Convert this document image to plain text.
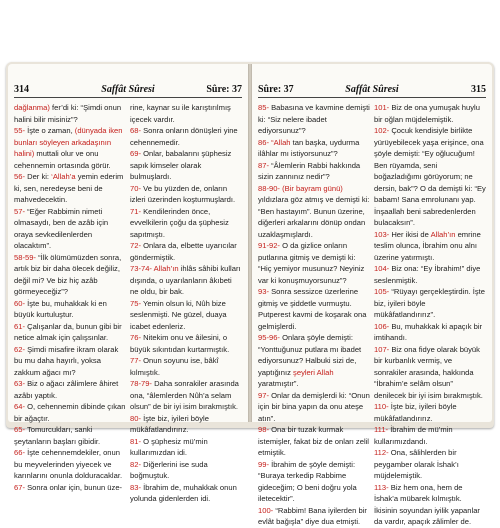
314	Saffât Sûresi	Sûre: 37

dağlanma) fer’di ki: “Şimdi onun halini bilir misiniz”?

55- İşte o zaman, (dünyada iken bunları söyleyen arkadaşının halini) muttali olur ve onu cehennemin ortasında görür.

56- Der ki: ‘Allah’a yemin ederim ki, sen, neredeyse beni de mahvedecektin.

57- “Eğer Rabbimin nimeti olmasaydı, ben de azâb için oraya sevkedilenlerden olacaktım”.

58-59- “İlk ölümümüzden sonra, artık biz bir daha ölecek değiliz, değil mi? Ve biz hiç azâb görmeyeceğiz”?

60- İşte bu, muhakkak ki en büyük kurtuluştur.

61- Çalışanlar da, bunun gibi bir netice almak için çalışsınlar.

62- Şimdi misafire ikram olarak bu mu daha hayırlı, yoksa zakkum ağacı mı?

63- Biz o ağacı zâlimlere âhiret azâbı yaptık.

64- O, cehennemin dibinde çıkan bir ağaçtır.

65- Tomurcukları, sanki şeytanların başları gibidir.

66- İşte cehennemdekiler, onun bu meyvelerinden yiyecek ve karınlarını onunla dolduracaklar.

67- Sonra onlar için, bunun üze-

rine, kaynar su ile karıştırılmış içecek vardır.

68- Sonra onların dönüşleri yine cehennemedir.

69- Onlar, babalarını şüphesiz sapık kimseler olarak bulmuşlardı.

70- Ve bu yüzden de, onların izleri üzerinden koşturmuşlardı.

71- Kendilerinden önce, evvelkilerin çoğu da şüphesiz sapıtmıştı.

72- Onlara da, elbette uyarıcılar göndermiştik.

73-74- Allah’ın ihlâs sâhibi kulları dışında, o uyarılanların âkıbeti ne oldu, bir bak.

75- Yemin olsun ki, Nûh bize seslenmişti. Ne güzel, duaya icabet edenleriz.

76- Nitekim onu ve âilesini, o büyük sıkıntıdan kurtarmıştık.

77- Onun soyunu ise, bâkî kılmıştık.

78-79- Daha sonrakiler arasında ona, “âlemlerden Nûh’a selam olsun” de bir iyi isim bırakmıştık.

80- İşte biz, iyileri böyle mükâfatlandırırız.

81- O şüphesiz mü’min kullarımızdan idi.

82- Diğerlerini ise suda boğmuştuk.

83- İbrahim de, muhakkak onun yolunda gidenlerden idi.

Sûre: 37	Saffât Sûresi	315

85- Babasına ve kavmine demişti ki: “Siz nelere ibadet ediyorsunuz”?

86- “Allah tan başka, uydurma ilâhlar mı istiyorsunuz”?

87- “Âlemlerin Rabbi hakkında sizin zannınız nedir”?

88-90- (Bir bayram günü) yıldızlara göz atmış ve demişti ki: “Ben hastayım”. Bunun üzerine, diğerleri arkalarını dönüp ondan uzaklaşmışlardı.

91-92- O da gizlice onların putlarına gitmiş ve demişti ki: “Hiç yemiyor musunuz? Neyiniz var ki konuşmuyorsunuz”?

93- Sonra sessizce üzerlerine gitmiş ve şiddetle vurmuştu. Putperest kavmi de koşarak ona gelmişlerdi.

95-96- Onlara şöyle demişti: “Yonttuğunuz putlara mı ibadet ediyorsunuz? Halbuki sizi de, yaptığınız şeyleri Allah yaratmıştır”.

97- Onlar da demişlerdi ki: “Onun için bir bina yapın da onu ateşe atın”.

98- Ona bir tuzak kurmak istemişler, fakat biz de onları zelil etmiştik.

99- İbrahim de şöyle demişti: “Buraya terkedip Rabbime gideceğim; O beni doğru yola iletecektir”.

100- “Rabbim! Bana iyilerden bir evlât bağışla” diye dua etmişti.

101- Biz de ona yumuşak huylu bir oğlan müjdelemiştik.

102- Çocuk kendisiyle birlikte yürüyebilecek yaşa erişince, ona şöyle demişti: “Ey oğlucuğum! Ben rüyamda, seni boğazladığımı görüyorum; ne dersin, bak”? O da demişti ki: “Ey babam! Sana emrolunanı yap. İnşaallah beni sabredenlerden bulacaksın”.

103- Her ikisi de Allah’ın emrine teslim olunca, İbrahim onu alnı üzerine yatırmıştı.

104- Biz ona: “Ey İbrahim!” diye seslenmiştik.

105- “Rüyayı gerçekleştirdin. İşte biz, iyileri böyle mükâfatlandırırız”.

106- Bu, muhakkak ki apaçık bir imtihandı.

107- Biz ona fidye olarak büyük bir kurbanlık vermiş, ve sonrakiler arasında, hakkında “İbrahim’e selâm olsun” denilecek bir iyi isim bırakmıştık.

110- İşte biz, iyileri böyle mükâfatlandırırız.

111- İbrahim de mü’min kullarımızdandı.

112- Ona, sâlihlerden bir peygamber olarak İshak’ı müjdelemiştik.

113- Biz hem ona, hem de İshak’a mübarek kılmıştık. İkisinin soyundan iyilik yapanlar da vardır, apaçık zâlimler de.
